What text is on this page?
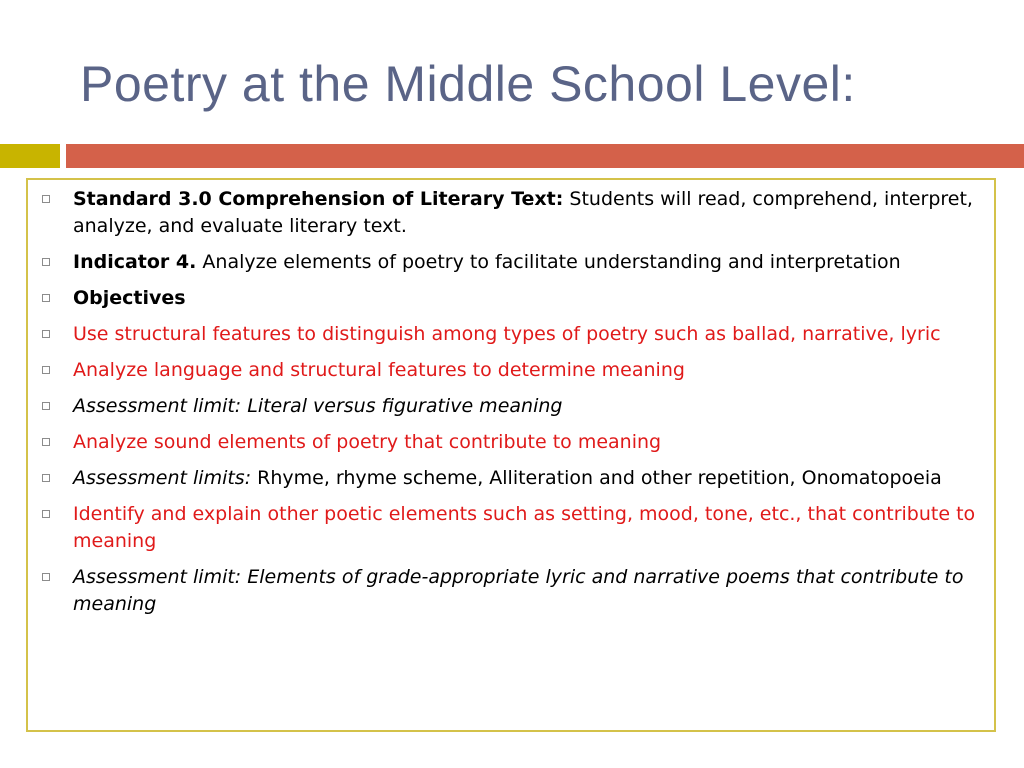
Poetry at the Middle School Level:
Standard 3.0 Comprehension of Literary Text: Students will read, comprehend, interpret, analyze, and evaluate literary text.
Indicator 4. Analyze elements of poetry to facilitate understanding and interpretation
Objectives
Use structural features to distinguish among types of poetry such as ballad, narrative, lyric
Analyze language and structural features to determine meaning
Assessment limit: Literal versus figurative meaning
Analyze sound elements of poetry that contribute to meaning
Assessment limits: Rhyme, rhyme scheme, Alliteration and other repetition, Onomatopoeia
Identify and explain other poetic elements such as setting, mood, tone, etc., that contribute to meaning
Assessment limit: Elements of grade-appropriate lyric and narrative poems that contribute to meaning
